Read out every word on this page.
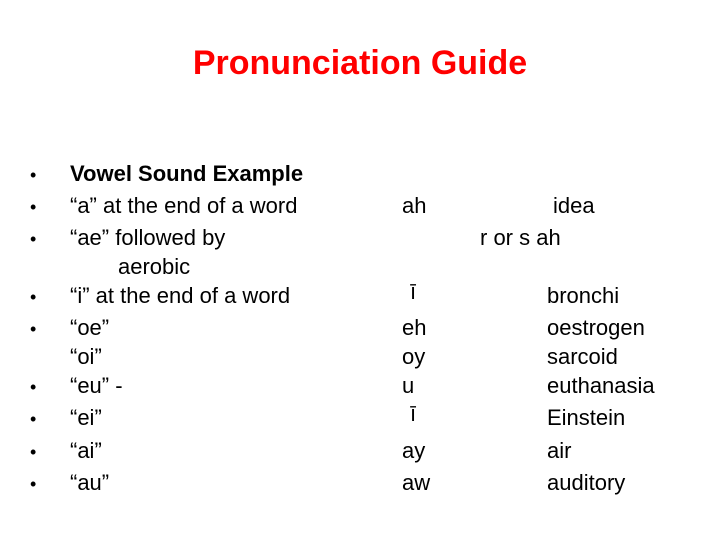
Pronunciation Guide
•
•
•
•
•
•
•
•
•
Vowel Sound Example
“a” at the end of a word
“ae” followed by
aerobic
“i” at the end of a word
“oe”
“oi”
“eu” -
“ei”
“ai”
“au”
ah
ī
eh
oy
u
ī
ay
aw
idea
r or s ah
bronchi
oestrogen
sarcoid
euthanasia
Einstein
air
auditory
